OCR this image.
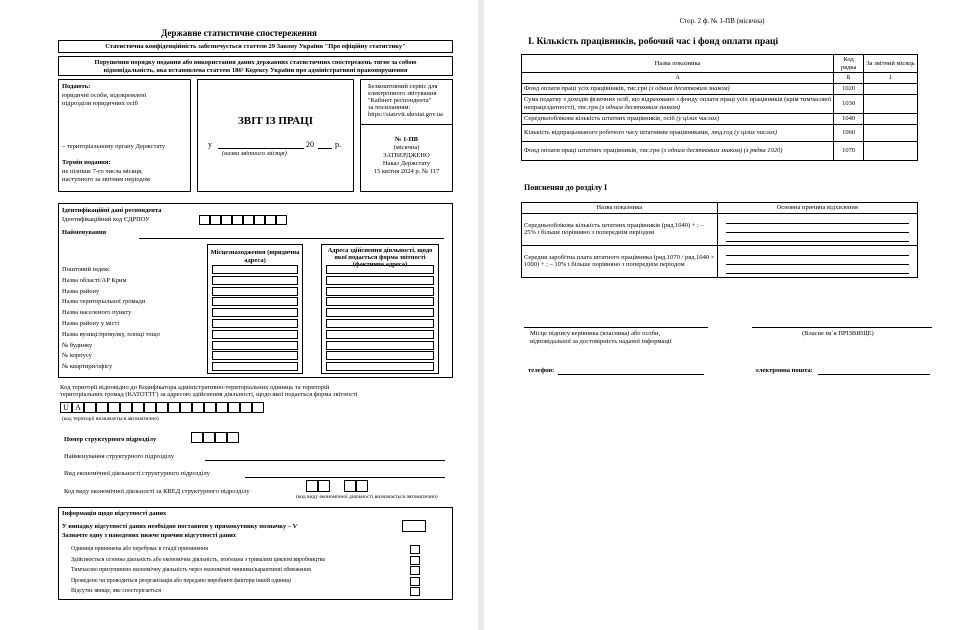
Державне статистичне спостереження
Статистична конфіденційність забезпечується статтею 29 Закону України "Про офіційну статистику"
Порушення порядку подання або використання даних державних статистичних спостережень тягне за собою
відповідальність, яка встановлена статтею 186⁵ Кодексу України про адміністративні правопорушення
Подають:
юридичні особи, відокремлені
підрозділи юридичних осіб
– територіальному органу Держстату
Термін подання:
не пізніше 7-го числа місяця,
наступного за звітним періодом
ЗВІТ ІЗ ПРАЦІ
у	20	р.
(назва звітного місяця)
Безкоштовний сервіс для
електронного звітування
"Кабінет респондента"
за посиланням:
https://statzvit.ukrstat.gov.ua
№ 1-ПВ
(місячна)
ЗАТВЕРДЖЕНО
Наказ Держстату
15 квітня 2024 р. № 117
Ідентифікаційні дані респондента
Ідентифікаційний код ЄДРПОУ
Найменування
Місцезнаходження (юридична адреса)
Адреса здійснення діяльності, щодо якої подається форма звітності (фактична адреса)
Поштовий індекс
Назва області/АР Крим
Назва району
Назва територіальної громади
Назва населеного пункту
Назва району у місті
Назва вулиці/провулку, площі тощо
№ будинку
№ корпусу
№ квартири/офісу
Код території відповідно до Кодифікатора адміністративно-територіальних одиниць та територій
територіальних громад (КАТОТТГ) за адресою здійснення діяльності, щодо якої подається форма звітності
U A
(код території визначається автоматично)
Номер структурного підрозділу
Найменування структурного підрозділу
Вид економічної діяльності структурного підрозділу
Код виду економічної діяльності за КВЕД структурного підрозділу
(код виду економічної діяльності визначається автоматично)
Інформація щодо відсутності даних
У випадку відсутності даних необхідно поставити у прямокутнику позначку – V
Зазначте одну з наведених нижче причин відсутності даних
Одиниця припинена або перебуває в стадії припинення
Здійснюється сезонна діяльність або економічна діяльність, пов'язана з тривалим циклом виробництва
Тимчасово призупинено економічну діяльність через економічні чинники/карантинні обмеження
Проведено чи проводиться реорганізація або передано виробничі фактори іншій одиниці
Відсутнє явище, яке спостерігається
Стор. 2 ф. № 1-ПВ (місячна)
I. Кількість працівників, робочий час і фонд оплати праці
Назва показника	Код рядка	За звітний місяць
А	Б	1
Фонд оплати праці усіх працівників, тис.грн (з одним десятковим знаком)	1020	
Сума податку з доходів фізичних осіб, що відраховано з фонду оплати праці усіх працівників (крім тимчасової непрацездатності), тис.грн (з одним десятковим знаком)	1030	
Середньооблікова кількість штатних працівників, осіб (у цілих числах)	1040	
Кількість відпрацьованого робочого часу штатними працівниками, люд.год (у цілих числах)	1060	
Фонд оплати праці штатних працівників, тис.грн (з одним десятковим знаком) (з рядка 1020)	1070	
Пояснення до розділу І
Назва показника	Основна причина відхилення
Середньооблікова кількість штатних працівників (ряд.1040) + ; – 25% і більше порівняно з попереднім періодом	

Середня заробітна плата штатного працівника (ряд.1070 / ряд.1040 × 1000) + ; – 10% і більше порівняно з попереднім періодом	
Місце підпису керівника (власника) або особи,
відповідальної за достовірність наданої інформації
(Власне ім`я ПРІЗВИЩЕ)
телефон:	електронна пошта:
